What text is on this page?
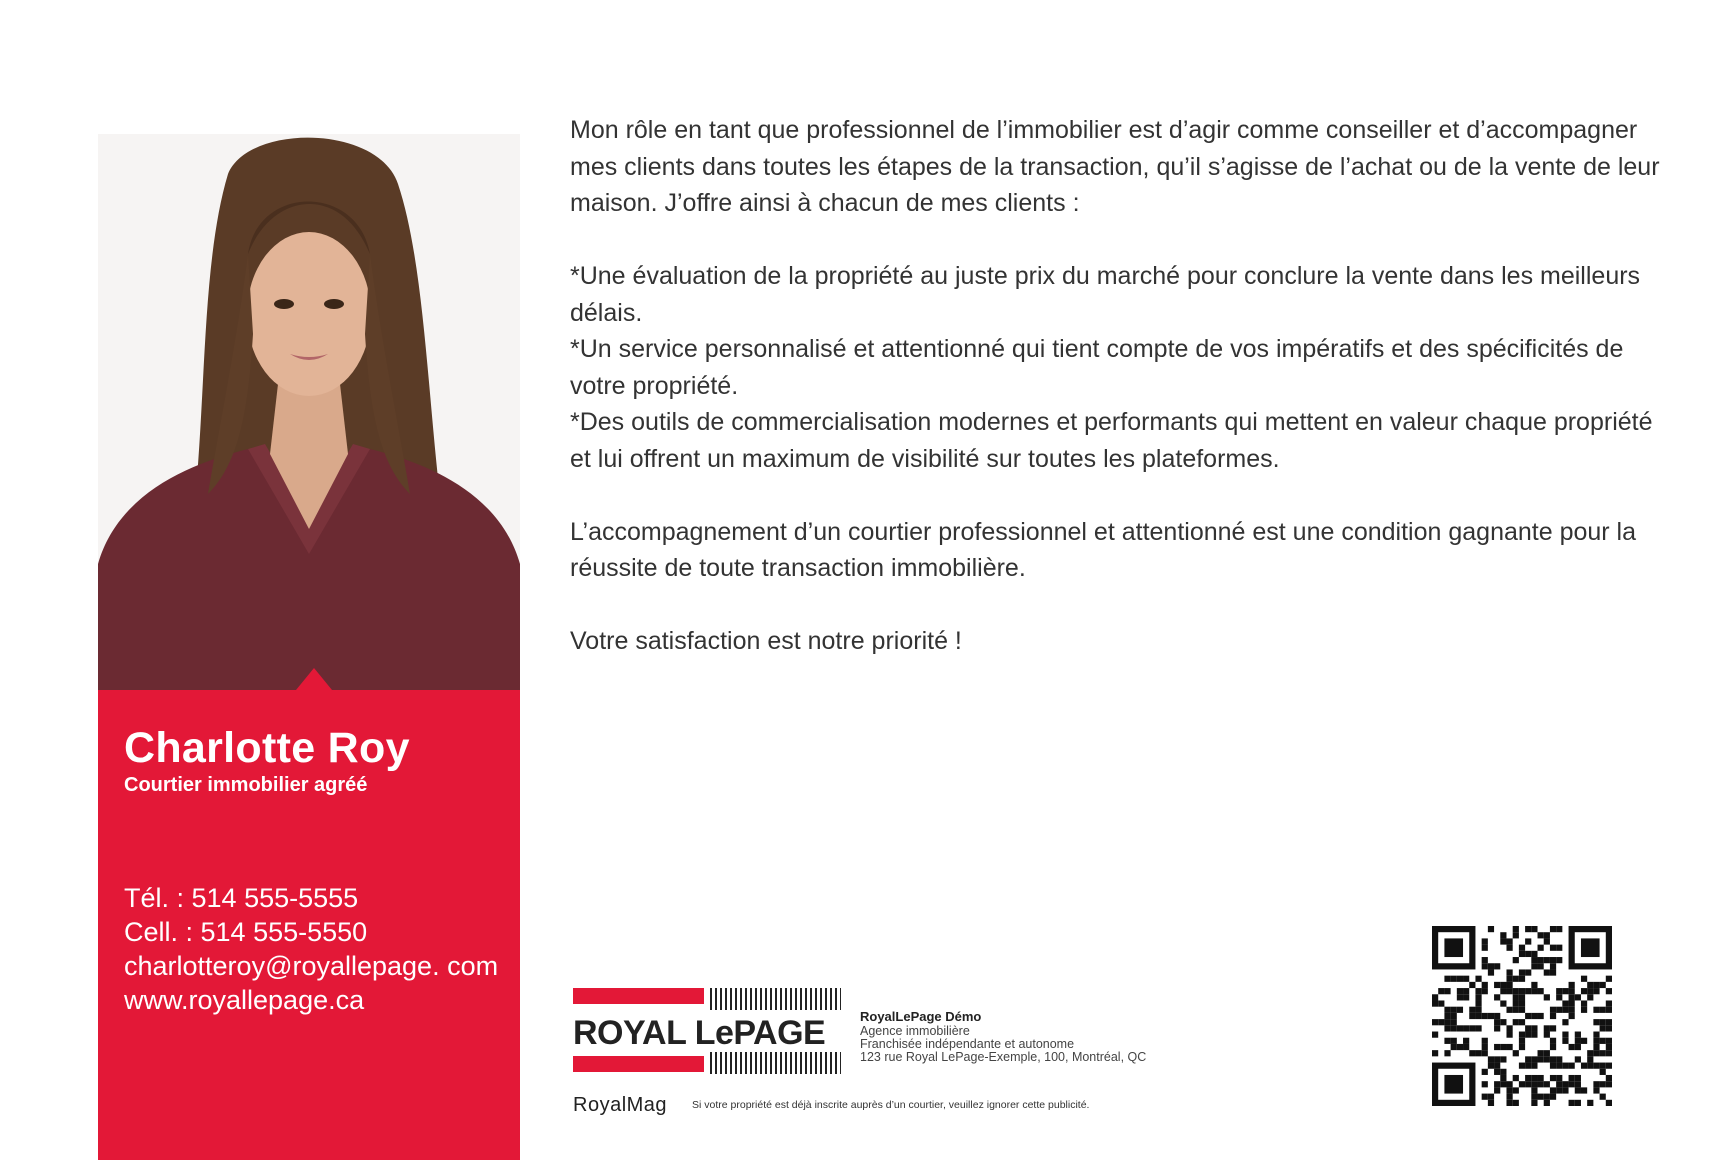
Charlotte Roy
Courtier immobilier agréé
Tél. : 514 555-5555
Cell. : 514 555-5550
charlotteroy@royallepage. com
www.royallepage.ca

Mon rôle en tant que professionnel de l’immobilier est d’agir comme conseiller et d’accompagner mes clients dans toutes les étapes de la transaction, qu’il s’agisse de l’achat ou de la vente de leur maison. J’offre ainsi à chacun de mes clients :

*Une évaluation de la propriété au juste prix du marché pour conclure la vente dans les meilleurs délais.

*Un service personnalisé et attentionné qui tient compte de vos impératifs et des spécificités de votre propriété.

*Des outils de commercialisation modernes et performants qui mettent en valeur chaque propriété et lui offrent un maximum de visibilité sur toutes les plateformes.

L’accompagnement d’un courtier professionnel et attentionné est une condition gagnante pour la réussite de toute transaction immobilière.

Votre satisfaction est notre priorité !

ROYAL LePAGE	RoyalLePage Démo
Agence immobilière
Franchisée indépendante et autonome
123 rue Royal LePage-Exemple, 100, Montréal, QC
RoyalMag Si votre propriété est déjà inscrite auprès d’un courtier, veuillez ignorer cette publicité.
